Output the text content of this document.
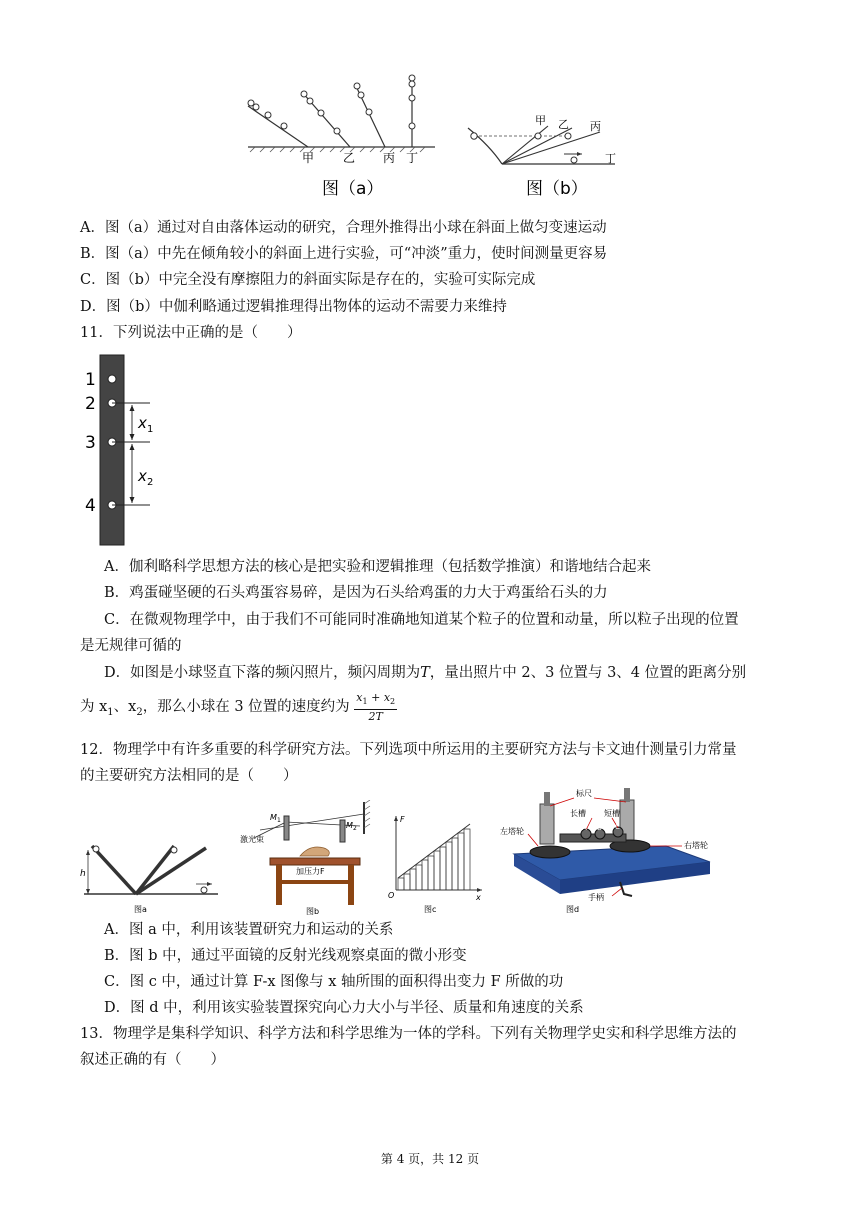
甲 乙 丙 丁
图（a）
甲 乙 丙
丁
图（b）
A．图（a）通过对自由落体运动的研究，合理外推得出小球在斜面上做匀变速运动
B．图（a）中先在倾角较小的斜面上进行实验，可“冲淡”重力，使时间测量更容易
C．图（b）中完全没有摩擦阻力的斜面实际是存在的，实验可实际完成
D．图（b）中伽利略通过逻辑推理得出物体的运动不需要力来维持
11．下列说法中正确的是（　　）
1
2
3
4
x 1
x 2
A．伽利略科学思想方法的核心是把实验和逻辑推理（包括数学推演）和谐地结合起来
B．鸡蛋碰坚硬的石头鸡蛋容易碎，是因为石头给鸡蛋的力大于鸡蛋给石头的力
C．在微观物理学中，由于我们不可能同时准确地知道某个粒子的位置和动量，所以粒子出现的位置
是无规律可循的
D．如图是小球竖直下落的频闪照片，频闪周期为T，量出照片中 2、3 位置与 3、4 位置的距离分别
为 $x_1$、$x_2$，那么小球在 3 位置的速度约为 $\frac{x_1 + x_2}{2T}$
12．物理学中有许多重要的科学研究方法。下列选项中所运用的主要研究方法与卡文迪什测量引力常量
的主要研究方法相同的是（　　）
h
图a
M 1
M 2
激光束
加压力F
图b
F
O	x
图c
标尺
长槽 短槽
左塔轮
右塔轮
手柄
A B C
图d
A．图 a 中，利用该装置研究力和运动的关系
B．图 b 中，通过平面镜的反射光线观察桌面的微小形变
C．图 c 中，通过计算 F-x 图像与 x 轴所围的面积得出变力 F 所做的功
D．图 d 中，利用该实验装置探究向心力大小与半径、质量和角速度的关系
13．物理学是集科学知识、科学方法和科学思维为一体的学科。下列有关物理学史实和科学思维方法的
叙述正确的有（　　）
第 4 页，共 12 页
